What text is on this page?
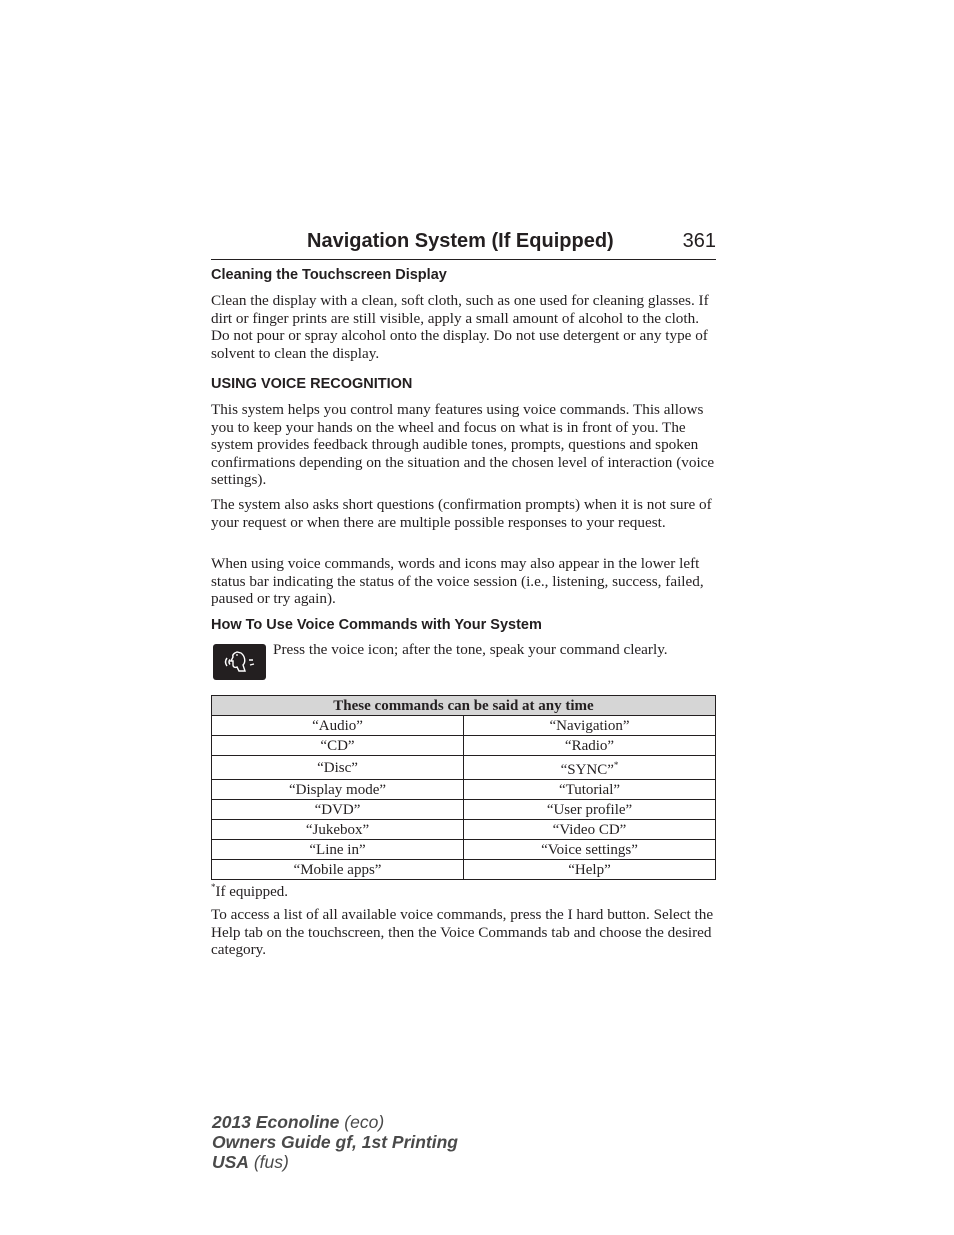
Navigation System (If Equipped)	361
Cleaning the Touchscreen Display
Clean the display with a clean, soft cloth, such as one used for cleaning glasses. If dirt or finger prints are still visible, apply a small amount of alcohol to the cloth. Do not pour or spray alcohol onto the display. Do not use detergent or any type of solvent to clean the display.
USING VOICE RECOGNITION
This system helps you control many features using voice commands. This allows you to keep your hands on the wheel and focus on what is in front of you. The system provides feedback through audible tones, prompts, questions and spoken confirmations depending on the situation and the chosen level of interaction (voice settings).
The system also asks short questions (confirmation prompts) when it is not sure of your request or when there are multiple possible responses to your request.
When using voice commands, words and icons may also appear in the lower left status bar indicating the status of the voice session (i.e., listening, success, failed, paused or try again).
How To Use Voice Commands with Your System
Press the voice icon; after the tone, speak your command clearly.
These commands can be said at any time	
“Audio”	“Navigation”
“CD”	“Radio”
“Disc”	“SYNC”*
“Display mode”	“Tutorial”
“DVD”	“User profile”
“Jukebox”	“Video CD”
“Line in”	“Voice settings”
“Mobile apps”	“Help”
*If equipped.
To access a list of all available voice commands, press the I hard button. Select the Help tab on the touchscreen, then the Voice Commands tab and choose the desired category.
2013 Econoline (eco)
Owners Guide gf, 1st Printing
USA (fus)
